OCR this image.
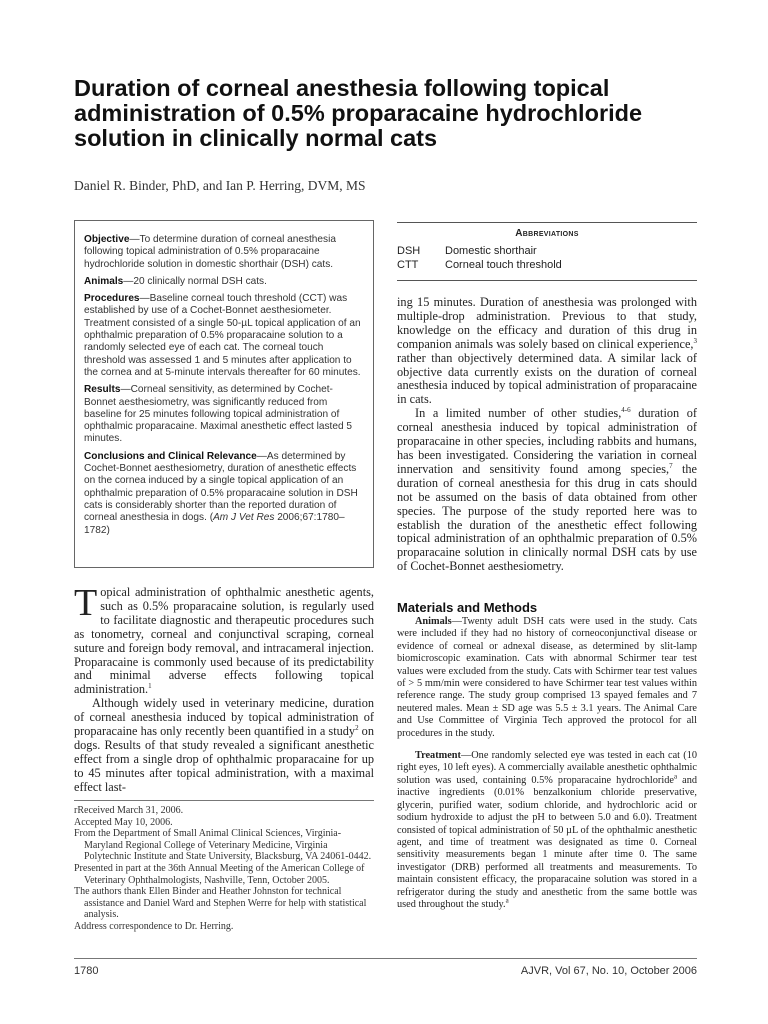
Duration of corneal anesthesia following topical administration of 0.5% proparacaine hydrochloride solution in clinically normal cats
Daniel R. Binder, PhD, and Ian P. Herring, DVM, MS

Objective—To determine duration of corneal anesthesia following topical administration of 0.5% proparacaine hydrochloride solution in domestic shorthair (DSH) cats.

Animals—20 clinically normal DSH cats.

Procedures—Baseline corneal touch threshold (CCT) was established by use of a Cochet-Bonnet aesthesiometer. Treatment consisted of a single 50-µL topical application of an ophthalmic preparation of 0.5% proparacaine solution to a randomly selected eye of each cat. The corneal touch threshold was assessed 1 and 5 minutes after application to the cornea and at 5-minute intervals thereafter for 60 minutes.

Results—Corneal sensitivity, as determined by Cochet-Bonnet aesthesiometry, was significantly reduced from baseline for 25 minutes following topical administration of ophthalmic proparacaine. Maximal anesthetic effect lasted 5 minutes.

Conclusions and Clinical Relevance—As determined by Cochet-Bonnet aesthesiometry, duration of anesthetic effects on the cornea induced by a single topical application of an ophthalmic preparation of 0.5% proparacaine solution in DSH cats is considerably shorter than the reported duration of corneal anesthesia in dogs. (Am J Vet Res 2006;67:1780–1782)

Topical administration of ophthalmic anesthetic agents, such as 0.5% proparacaine solution, is regularly used to facilitate diagnostic and therapeutic procedures such as tonometry, corneal and conjunctival scraping, corneal suture and foreign body removal, and intracameral injection. Proparacaine is commonly used because of its predictability and minimal adverse effects following topical administration.$^1$

Although widely used in veterinary medicine, duration of corneal anesthesia induced by topical administration of proparacaine has only recently been quantified in a study$^2$ on dogs. Results of that study revealed a significant anesthetic effect from a single drop of ophthalmic proparacaine for up to 45 minutes after topical administration, with a maximal effect last-

rReceived March 31, 2006.
Accepted May 10, 2006.
From the Department of Small Animal Clinical Sciences, Virginia-Maryland Regional College of Veterinary Medicine, Virginia Polytechnic Institute and State University, Blacksburg, VA 24061-0442.
Presented in part at the 36th Annual Meeting of the American College of Veterinary Ophthalmologists, Nashville, Tenn, October 2005.
The authors thank Ellen Binder and Heather Johnston for technical assistance and Daniel Ward and Stephen Werre for help with statistical analysis.
Address correspondence to Dr. Herring.
Abbreviations
DSH Domestic shorthair
CTT Corneal touch threshold

ing 15 minutes. Duration of anesthesia was prolonged with multiple-drop administration. Previous to that study, knowledge on the efficacy and duration of this drug in companion animals was solely based on clinical experience,$^3$ rather than objectively determined data. A similar lack of objective data currently exists on the duration of corneal anesthesia induced by topical administration of proparacaine in cats.

In a limited number of other studies,$^{4-6}$ duration of corneal anesthesia induced by topical administration of proparacaine in other species, including rabbits and humans, has been investigated. Considering the variation in corneal innervation and sensitivity found among species,$^7$ the duration of corneal anesthesia for this drug in cats should not be assumed on the basis of data obtained from other species. The purpose of the study reported here was to establish the duration of the anesthetic effect following topical administration of an ophthalmic preparation of 0.5% proparacaine solution in clinically normal DSH cats by use of Cochet-Bonnet aesthesiometry.

Materials and Methods

Animals—Twenty adult DSH cats were used in the study. Cats were included if they had no history of corneoconjunctival disease or evidence of corneal or adnexal disease, as determined by slit-lamp biomicroscopic examination. Cats with abnormal Schirmer tear test values were excluded from the study. Cats with Schirmer tear test values of > 5 mm/min were considered to have Schirmer tear test values within reference range. The study group comprised 13 spayed females and 7 neutered males. Mean ± SD age was 5.5 ± 3.1 years. The Animal Care and Use Committee of Virginia Tech approved the protocol for all procedures in the study.

Treatment—One randomly selected eye was tested in each cat (10 right eyes, 10 left eyes). A commercially available anesthetic ophthalmic solution was used, containing 0.5% proparacaine hydrochloride$^a$ and inactive ingredients (0.01% benzalkonium chloride preservative, glycerin, purified water, sodium chloride, and hydrochloric acid or sodium hydroxide to adjust the pH to between 5.0 and 6.0). Treatment consisted of topical administration of 50 µL of the ophthalmic anesthetic agent, and time of treatment was designated as time 0. Corneal sensitivity measurements began 1 minute after time 0. The same investigator (DRB) performed all treatments and measurements. To maintain consistent efficacy, the proparacaine solution was stored in a refrigerator during the study and anesthetic from the same bottle was used throughout the study.$^a$

1780	AJVR, Vol 67, No. 10, October 2006
